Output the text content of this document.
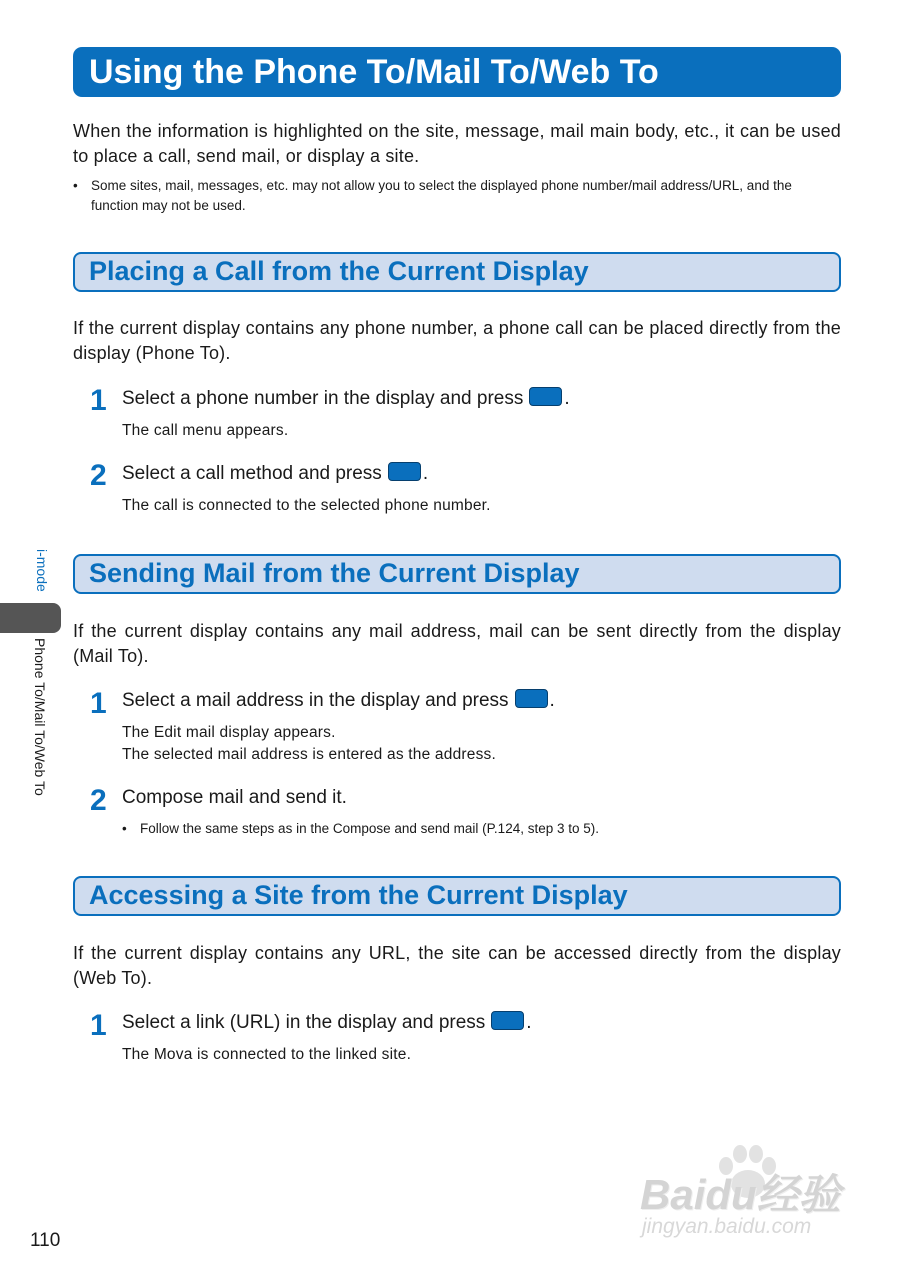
Using the Phone To/Mail To/Web To

When the information is highlighted on the site, message, mail main body, etc., it can be used to place a call, send mail, or display a site.

• Some sites, mail, messages, etc. may not allow you to select the displayed phone number/mail address/URL, and the function may not be used.
Placing a Call from the Current Display

If the current display contains any phone number, a phone call can be placed directly from the display (Phone To).

1 Select a phone number in the display and press .
The call menu appears.
2 Select a call method and press .
The call is connected to the selected phone number.
Sending Mail from the Current Display

If the current display contains any mail address, mail can be sent directly from the display (Mail To).

1 Select a mail address in the display and press .
The Edit mail display appears.
The selected mail address is entered as the address.
2 Compose mail and send it.
• Follow the same steps as in the Compose and send mail (P.124, step 3 to 5).
Accessing a Site from the Current Display

If the current display contains any URL, the site can be accessed directly from the display (Web To).

1 Select a link (URL) in the display and press .
The Mova is connected to the linked site.
i-mode
Phone To/Mail To/Web To
110
Baidu经验
jingyan.baidu.com
